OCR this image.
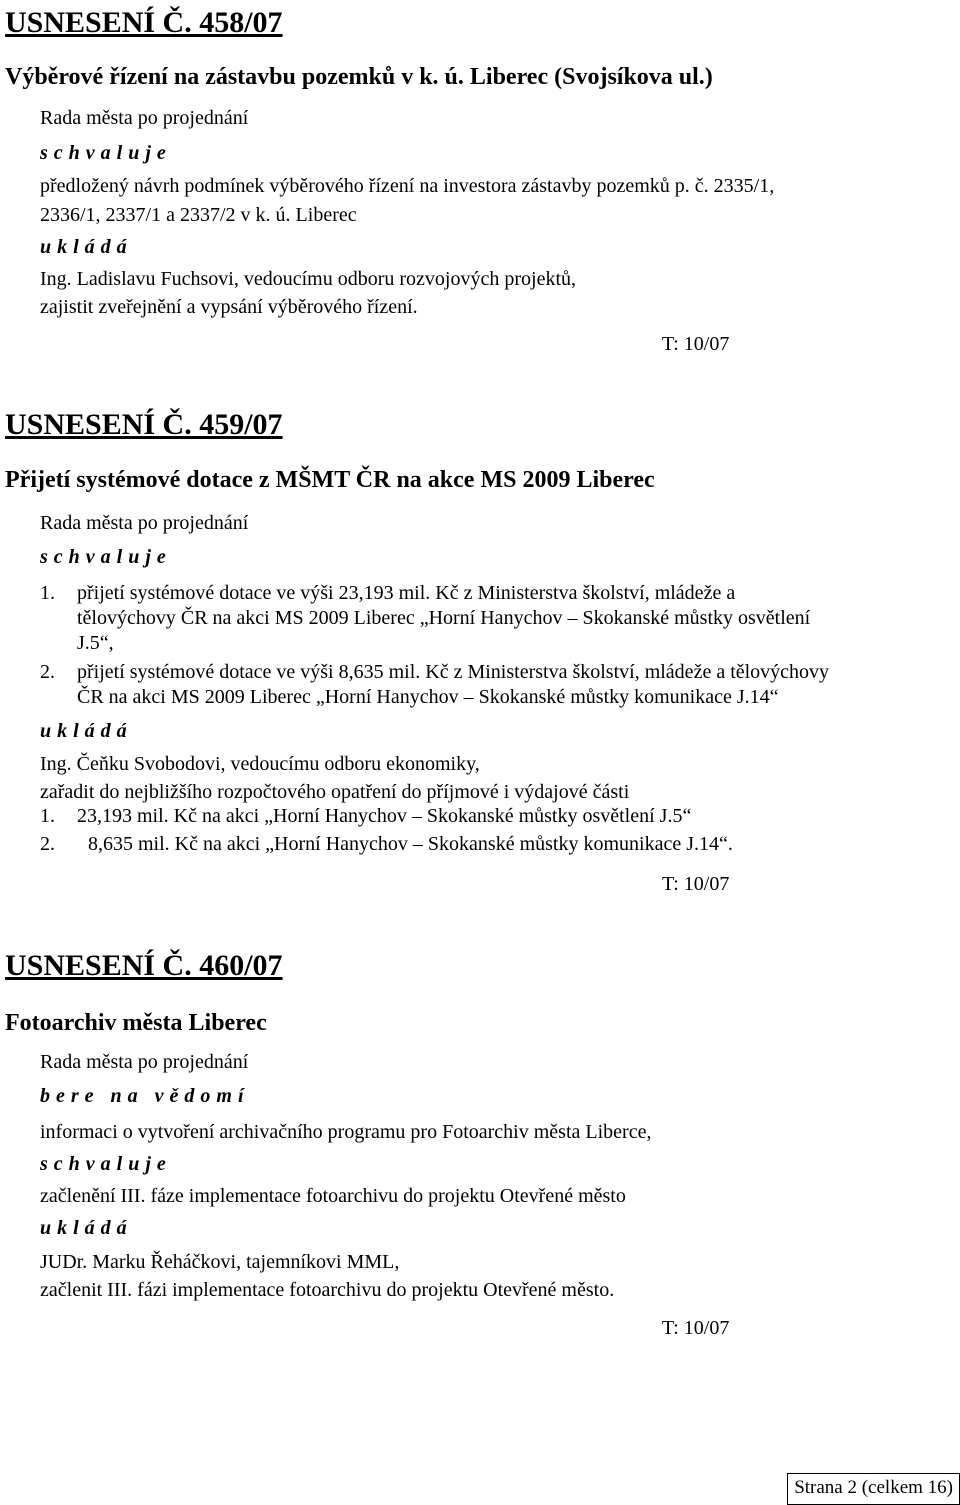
USNESENÍ Č. 458/07
Výběrové řízení na zástavbu pozemků v k. ú. Liberec (Svojsíkova ul.)
Rada města po projednání
schvaluje
předložený návrh podmínek výběrového řízení na investora zástavby pozemků p. č. 2335/1,
2336/1, 2337/1 a 2337/2 v k. ú. Liberec
ukládá
Ing. Ladislavu Fuchsovi, vedoucímu odboru rozvojových projektů,
zajistit zveřejnění a vypsání výběrového řízení.
T: 10/07
USNESENÍ Č. 459/07
Přijetí systémové dotace z MŠMT ČR na akce MS 2009 Liberec
Rada města po projednání
schvaluje
1. přijetí systémové dotace ve výši 23,193 mil. Kč z Ministerstva školství, mládeže a
tělovýchovy ČR na akci MS 2009 Liberec „Horní Hanychov – Skokanské můstky osvětlení
J.5“,
2. přijetí systémové dotace ve výši 8,635 mil. Kč z Ministerstva školství, mládeže a tělovýchovy
ČR na akci MS 2009 Liberec „Horní Hanychov – Skokanské můstky komunikace J.14“
ukládá
Ing. Čeňku Svobodovi, vedoucímu odboru ekonomiky,
zařadit do nejbližšího rozpočtového opatření do příjmové i výdajové části
1. 23,193 mil. Kč na akci „Horní Hanychov – Skokanské můstky osvětlení J.5“
2. 8,635 mil. Kč na akci „Horní Hanychov – Skokanské můstky komunikace J.14“.
T: 10/07
USNESENÍ Č. 460/07
Fotoarchiv města Liberec
Rada města po projednání
bere na vědomí
informaci o vytvoření archivačního programu pro Fotoarchiv města Liberce,
schvaluje
začlenění III. fáze implementace fotoarchivu do projektu Otevřené město
ukládá
JUDr. Marku Řeháčkovi, tajemníkovi MML,
začlenit III. fázi implementace fotoarchivu do projektu Otevřené město.
T: 10/07
Strana 2 (celkem 16)
